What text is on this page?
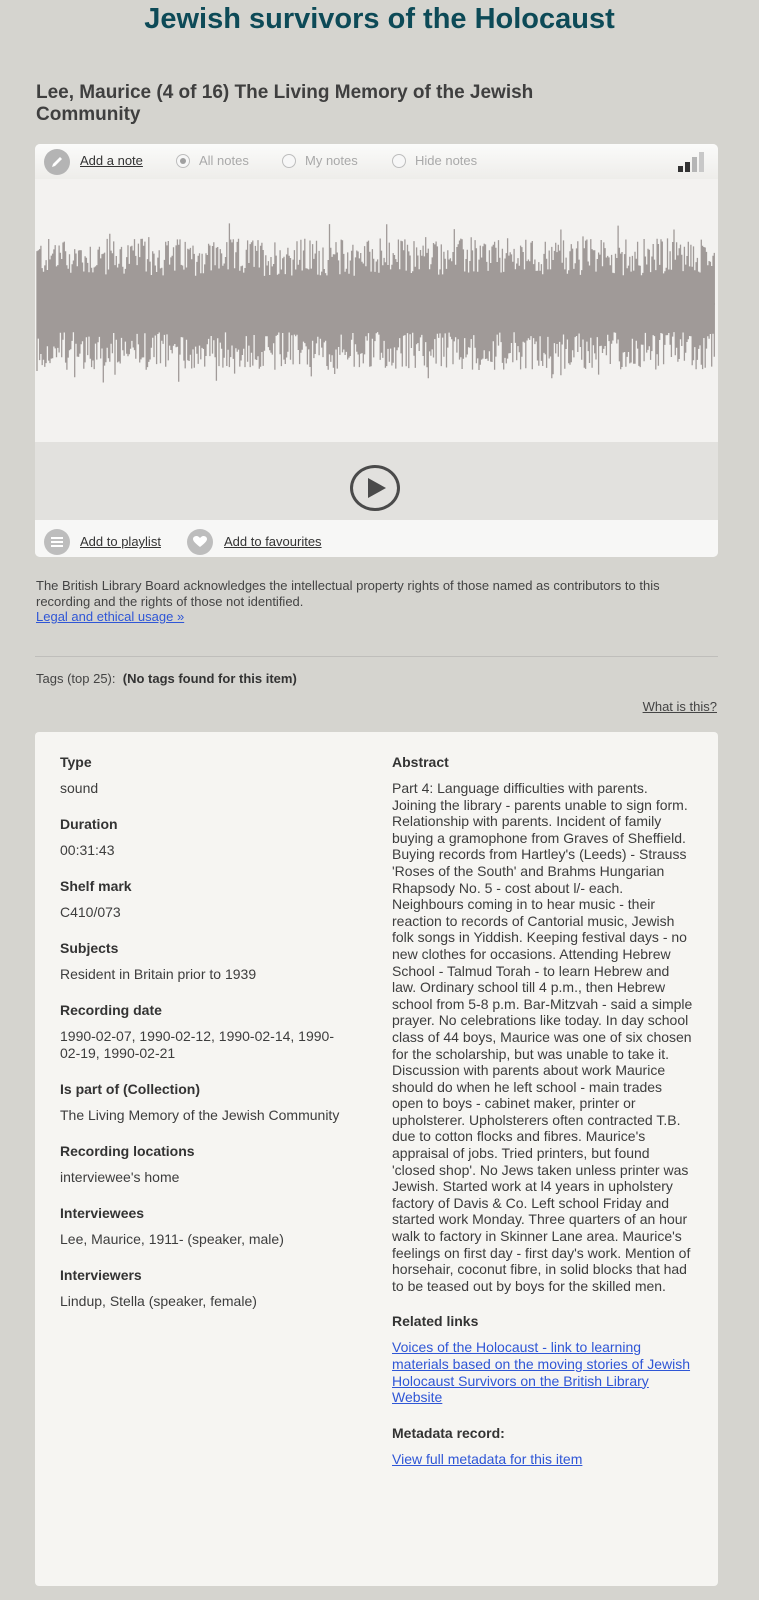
Jewish survivors of the Holocaust
Lee, Maurice (4 of 16) The Living Memory of the Jewish Community
Add a note	All notes	My notes	Hide notes
Add to playlist	Add to favourites

The British Library Board acknowledges the intellectual property rights of those named as contributors to this recording and the rights of those not identified.

Legal and ethical usage »
Tags (top 25): (No tags found for this item)
What is this?
Type
sound
Duration
00:31:43
Shelf mark
C410/073
Subjects
Resident in Britain prior to 1939
Recording date
1990-02-07, 1990-02-12, 1990-02-14, 1990-02-19, 1990-02-21
Is part of (Collection)
The Living Memory of the Jewish Community
Recording locations
interviewee's home
Interviewees
Lee, Maurice, 1911- (speaker, male)
Interviewers
Lindup, Stella (speaker, female)
Abstract

Part 4: Language difficulties with parents. Joining the library - parents unable to sign form. Relationship with parents. Incident of family buying a gramophone from Graves of Sheffield. Buying records from Hartley's (Leeds) - Strauss 'Roses of the South' and Brahms Hungarian Rhapsody No. 5 - cost about l/- each. Neighbours coming in to hear music - their reaction to records of Cantorial music, Jewish folk songs in Yiddish. Keeping festival days - no new clothes for occasions. Attending Hebrew School - Talmud Torah - to learn Hebrew and law. Ordinary school till 4 p.m., then Hebrew school from 5-8 p.m. Bar-Mitzvah - said a simple prayer. No celebrations like today. In day school class of 44 boys, Maurice was one of six chosen for the scholarship, but was unable to take it. Discussion with parents about work Maurice should do when he left school - main trades open to boys - cabinet maker, printer or upholsterer. Upholsterers often contracted T.B. due to cotton flocks and fibres. Maurice's appraisal of jobs. Tried printers, but found 'closed shop'. No Jews taken unless printer was Jewish. Started work at l4 years in upholstery factory of Davis & Co. Left school Friday and started work Monday. Three quarters of an hour walk to factory in Skinner Lane area. Maurice's feelings on first day - first day's work. Mention of horsehair, coconut fibre, in solid blocks that had to be teased out by boys for the skilled men.

Related links
Voices of the Holocaust - link to learning materials based on the moving stories of Jewish Holocaust Survivors on the British Library Website
Metadata record:
View full metadata for this item
